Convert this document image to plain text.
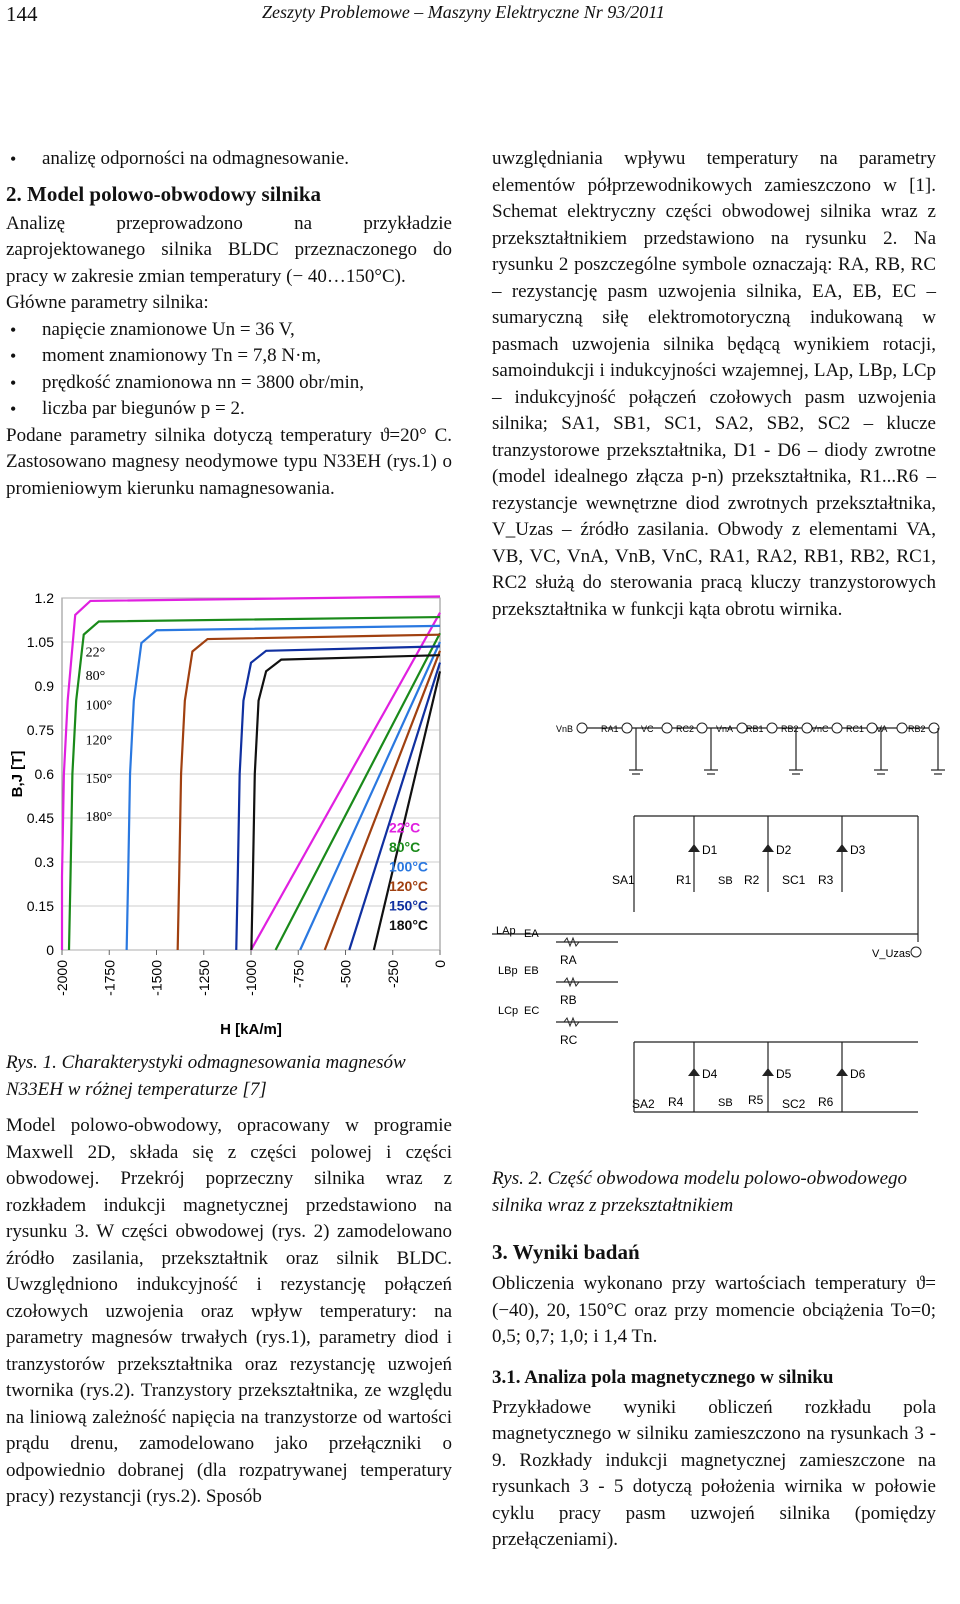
144	Zeszyty Problemowe – Maszyny Elektryczne Nr 93/2011
• analizę odporności na odmagnesowanie.
2. Model polowo-obwodowy silnika

Analizę przeprowadzono na przykładzie zaprojektowanego silnika BLDC przeznaczonego do pracy w zakresie zmian temperatury (− 40…150°C).

Główne parametry silnika:

• napięcie znamionowe Un = 36 V,
• moment znamionowy Tn = 7,8 N·m,
• prędkość znamionowa nn = 3800 obr/min,
• liczba par biegunów p = 2.

Podane parametry silnika dotyczą temperatury ϑ=20° C. Zastosowano magnesy neodymowe typu N33EH (rys.1) o promieniowym kierunku namagnesowania.

0
0.15
0.3
0.45
0.6
0.75
0.9
1.05
1.2
-2000 -1750 -1500 -1250 -1000 -750 -500 -250 0
H [kA/m]
B,J [T]
22°
80°
100°
120°
150°
180°
22°C
80°C
100°C
120°C
150°C
180°C

Rys. 1. Charakterystyki odmagnesowania magnesów N33EH w różnej temperaturze [7]

Model polowo-obwodowy, opracowany w programie Maxwell 2D, składa się z części polowej i części obwodowej. Przekrój poprzeczny silnika wraz z rozkładem indukcji magnetycznej przedstawiono na rysunku 3. W części obwodowej (rys. 2) zamodelowano źródło zasilania, przekształtnik oraz silnik BLDC. Uwzględniono indukcyjność i rezystancję połączeń czołowych uzwojenia oraz wpływ temperatury: na parametry magnesów trwałych (rys.1), parametry diod i tranzystorów przekształtnika oraz rezystancję uzwojeń twornika (rys.2). Tranzystory przekształtnika, ze względu na liniową zależność napięcia na tranzystorze od wartości prądu drenu, zamodelowano jako przełączniki o odpowiednio dobranej (dla rozpatrywanej temperatury pracy) rezystancji (rys.2). Sposób

uwzględniania wpływu temperatury na parametry elementów półprzewodnikowych zamieszczono w [1]. Schemat elektryczny części obwodowej silnika wraz z przekształtnikiem przedstawiono na rysunku 2. Na rysunku 2 poszczególne symbole oznaczają: RA, RB, RC – rezystancję pasm uzwojenia silnika, EA, EB, EC – sumaryczną siłę elektromotoryczną indukowaną w pasmach uzwojenia silnika będącą wynikiem rotacji, samoindukcji i indukcyjności wzajemnej, LAp, LBp, LCp – indukcyjność połączeń czołowych pasm uzwojenia silnika; SA1, SB1, SC1, SA2, SB2, SC2 – klucze tranzystorowe przekształtnika, D1 - D6 – diody zwrotne (model idealnego złącza p-n) przekształtnika, R1...R6 – rezystancje wewnętrzne diod zwrotnych przekształtnika, V_Uzas – źródło zasilania. Obwody z elementami VA, VB, VC, VnA, VnB, VnC, RA1, RA2, RB1, RB2, RC1, RC2 służą do sterowania pracą kluczy tranzystorowych przekształtnika w funkcji kąta obrotu wirnika.

VnB	RA1 VC RC2 VnA RB1 RB2 VnC RC1 VA RB2
D1	D2	D3
SA1	R1 SB R2 SC1 R3
LAp EA
LBp EB
LCp EC
RA
RB
RC
V_Uzas
D4	D5	D6
SA2 R4	SB R5 SC2 R6

Rys. 2. Część obwodowa modelu polowo-obwodowego silnika wraz z przekształtnikiem

3. Wyniki badań

Obliczenia wykonano przy wartościach temperatury ϑ=(−40), 20, 150°C oraz przy momencie obciążenia To=0; 0,5; 0,7; 1,0; i 1,4 Tn.

3.1. Analiza pola magnetycznego w silniku

Przykładowe wyniki obliczeń rozkładu pola magnetycznego w silniku zamieszczono na rysunkach 3 - 9. Rozkłady indukcji magnetycznej zamieszczone na rysunkach 3 - 5 dotyczą położenia wirnika w połowie cyklu pracy pasm uzwojeń silnika (pomiędzy przełączeniami).
